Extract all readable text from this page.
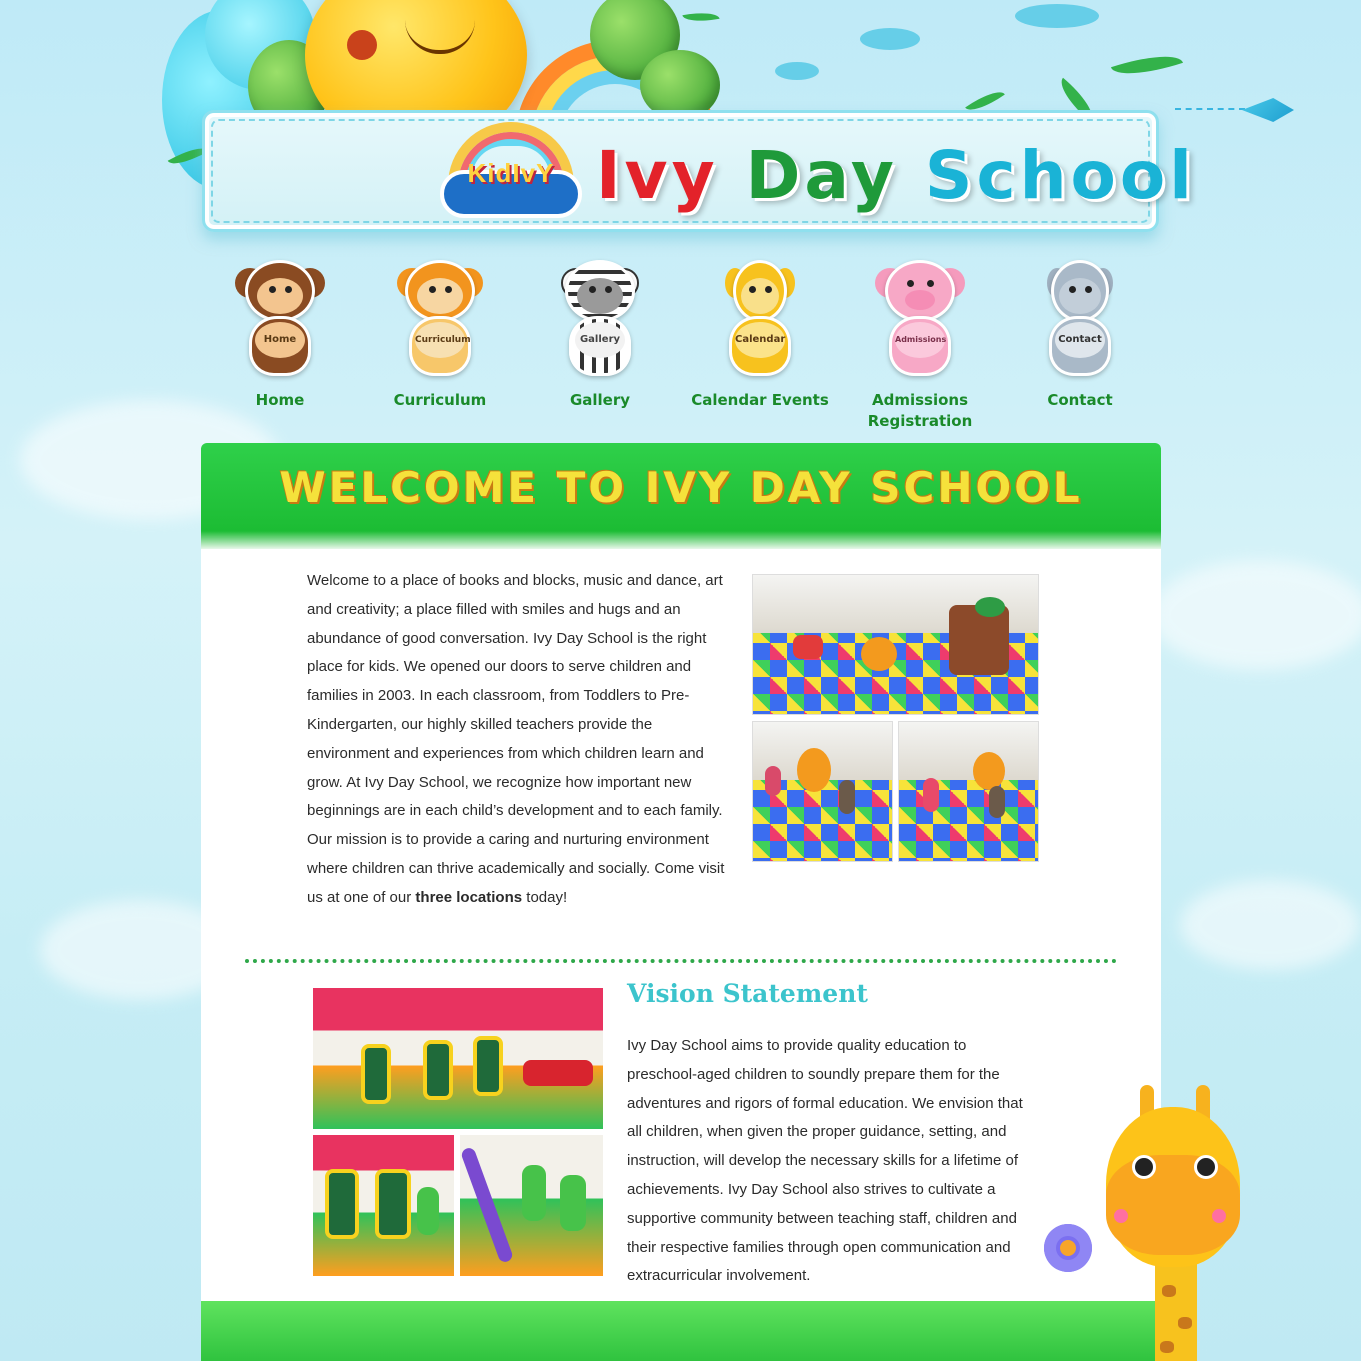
KidIvY Ivy Day School
Home
Home
Curriculum
Curriculum
Gallery
Gallery
Calendar
Calendar Events
Admissions
Admissions Registration
Contact
Contact
WELCOME TO IVY DAY SCHOOL

Welcome to a place of books and blocks, music and dance, art and creativity; a place filled with smiles and hugs and an abundance of good conversation. Ivy Day School is the right place for kids. We opened our doors to serve children and families in 2003. In each classroom, from Toddlers to Pre-Kindergarten, our highly skilled teachers provide the environment and experiences from which children learn and grow. At Ivy Day School, we recognize how important new beginnings are in each child’s development and to each family. Our mission is to provide a caring and nurturing environment where children can thrive academically and socially. Come visit us at one of our three locations today!

Vision Statement

Ivy Day School aims to provide quality education to preschool-aged children to soundly prepare them for the adventures and rigors of formal education. We envision that all children, when given the proper guidance, setting, and instruction, will develop the necessary skills for a lifetime of achievements. Ivy Day School also strives to cultivate a supportive community between teaching staff, children and their respective families through open communication and extracurricular involvement.
